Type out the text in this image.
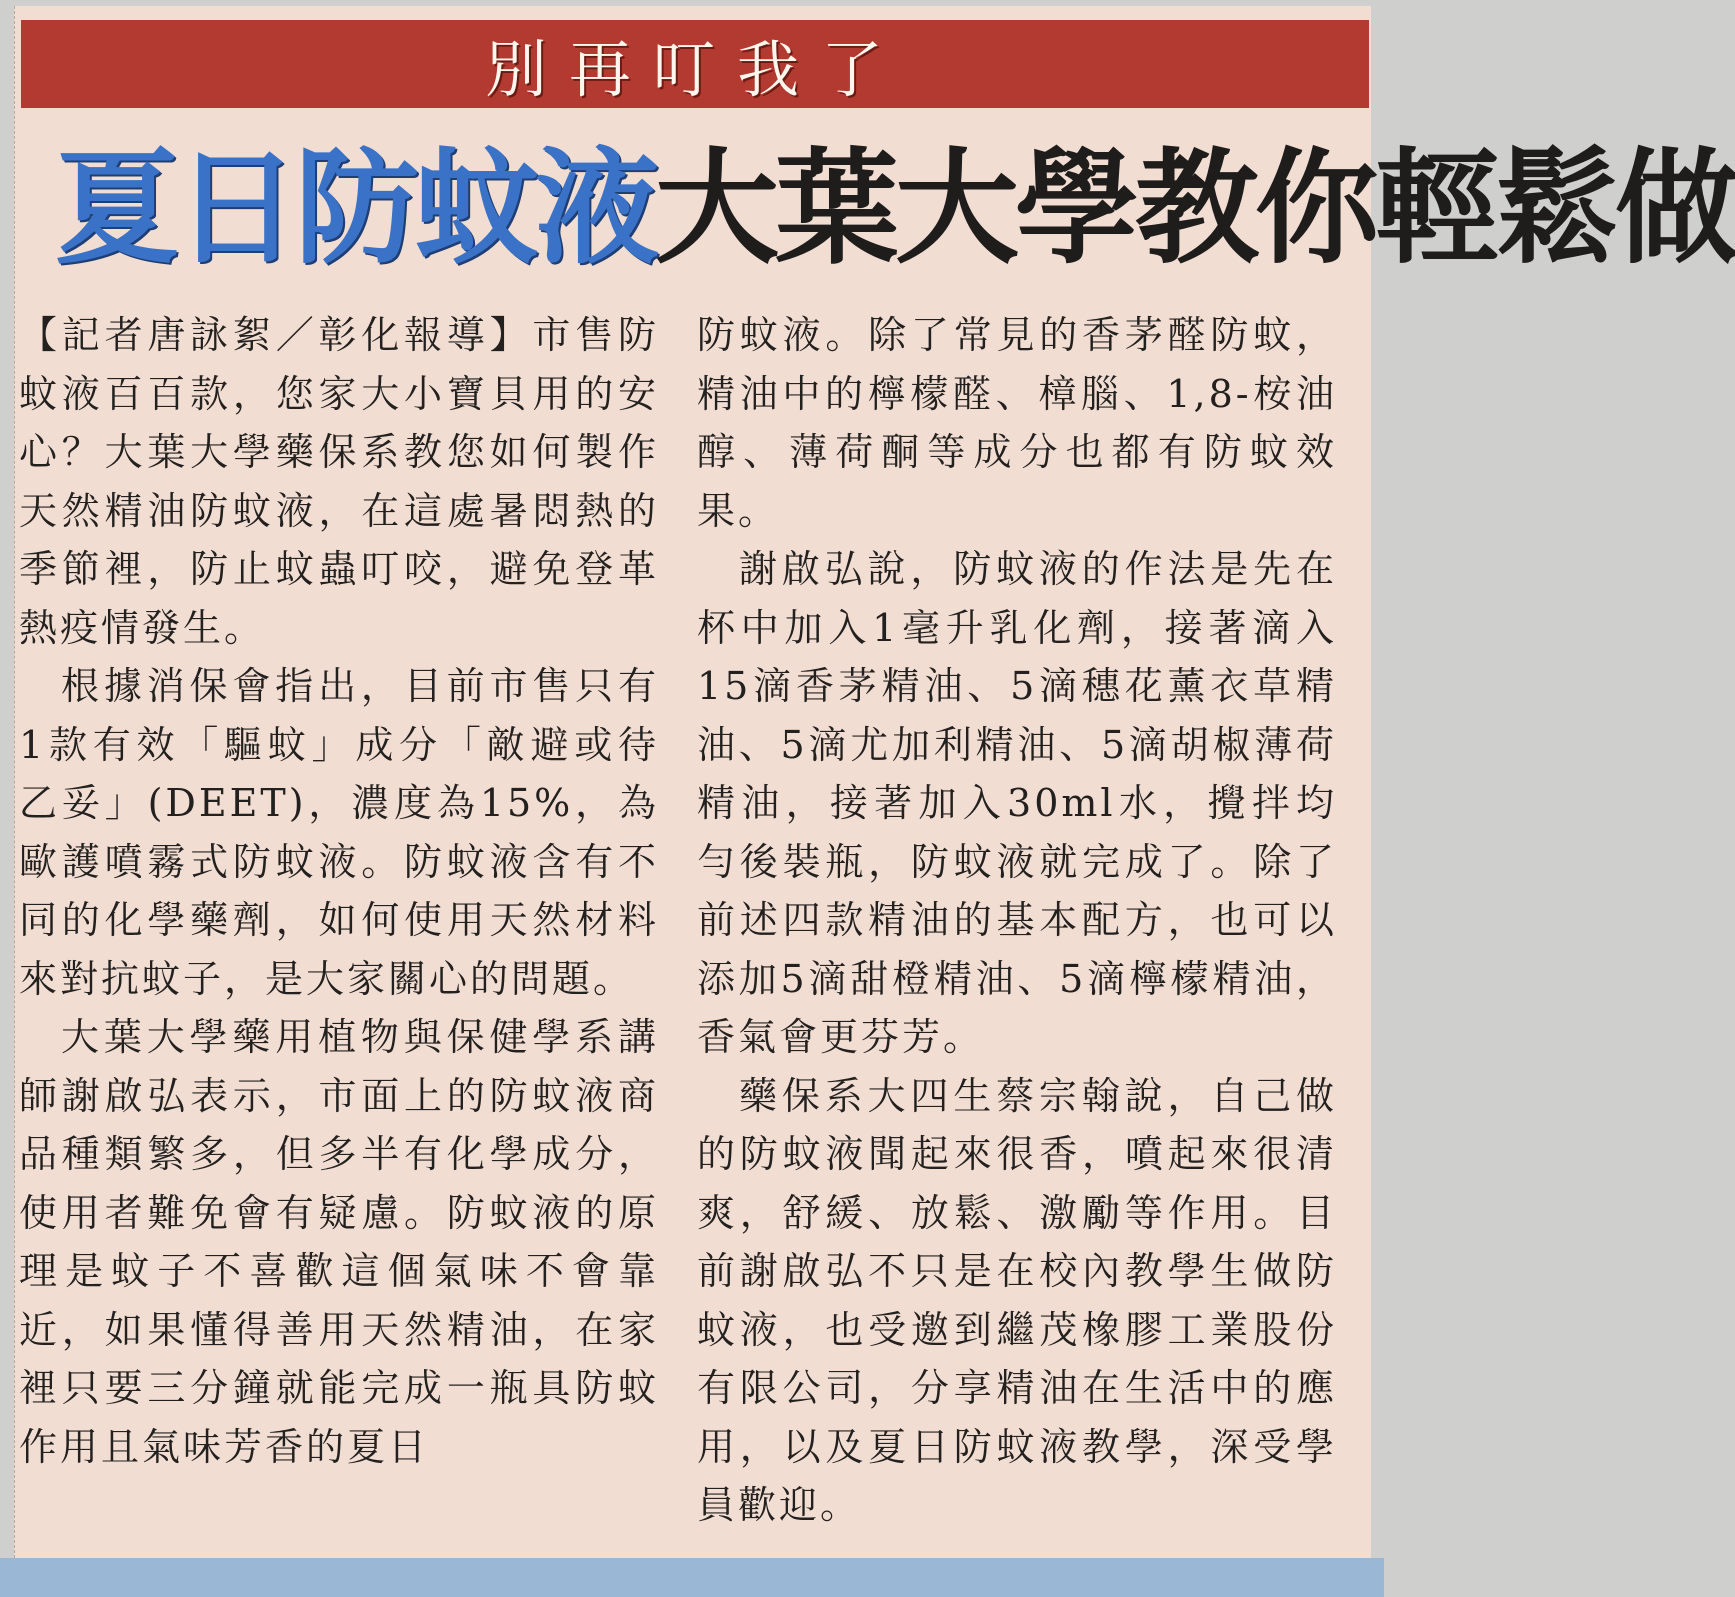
別再叮我了
夏日防蚊液大葉大學教你輕鬆做

【記者唐詠絮／彰化報導】市售防蚊液百百款，您家大小寶貝用的安心？大葉大學藥保系教您如何製作天然精油防蚊液，在這處暑悶熱的季節裡，防止蚊蟲叮咬，避免登革熱疫情發生。

根據消保會指出，目前市售只有1款有效「驅蚊」成分「敵避或待乙妥」(DEET)，濃度為15%，為歐護噴霧式防蚊液。防蚊液含有不同的化學藥劑，如何使用天然材料來對抗蚊子，是大家關心的問題。

大葉大學藥用植物與保健學系講師謝啟弘表示，市面上的防蚊液商品種類繁多，但多半有化學成分，使用者難免會有疑慮。防蚊液的原理是蚊子不喜歡這個氣味不會靠近，如果懂得善用天然精油，在家裡只要三分鐘就能完成一瓶具防蚊作用且氣味芳香的夏日

防蚊液。除了常見的香茅醛防蚊，精油中的檸檬醛、樟腦、1,8-桉油醇、薄荷酮等成分也都有防蚊效果。

謝啟弘說，防蚊液的作法是先在杯中加入1毫升乳化劑，接著滴入15滴香茅精油、5滴穗花薰衣草精油、5滴尤加利精油、5滴胡椒薄荷精油，接著加入30ml水，攪拌均勻後裝瓶，防蚊液就完成了。除了前述四款精油的基本配方，也可以添加5滴甜橙精油、5滴檸檬精油，香氣會更芬芳。

藥保系大四生蔡宗翰說，自己做的防蚊液聞起來很香，噴起來很清爽，舒緩、放鬆、激勵等作用。目前謝啟弘不只是在校內教學生做防蚊液，也受邀到繼茂橡膠工業股份有限公司，分享精油在生活中的應用，以及夏日防蚊液教學，深受學員歡迎。
